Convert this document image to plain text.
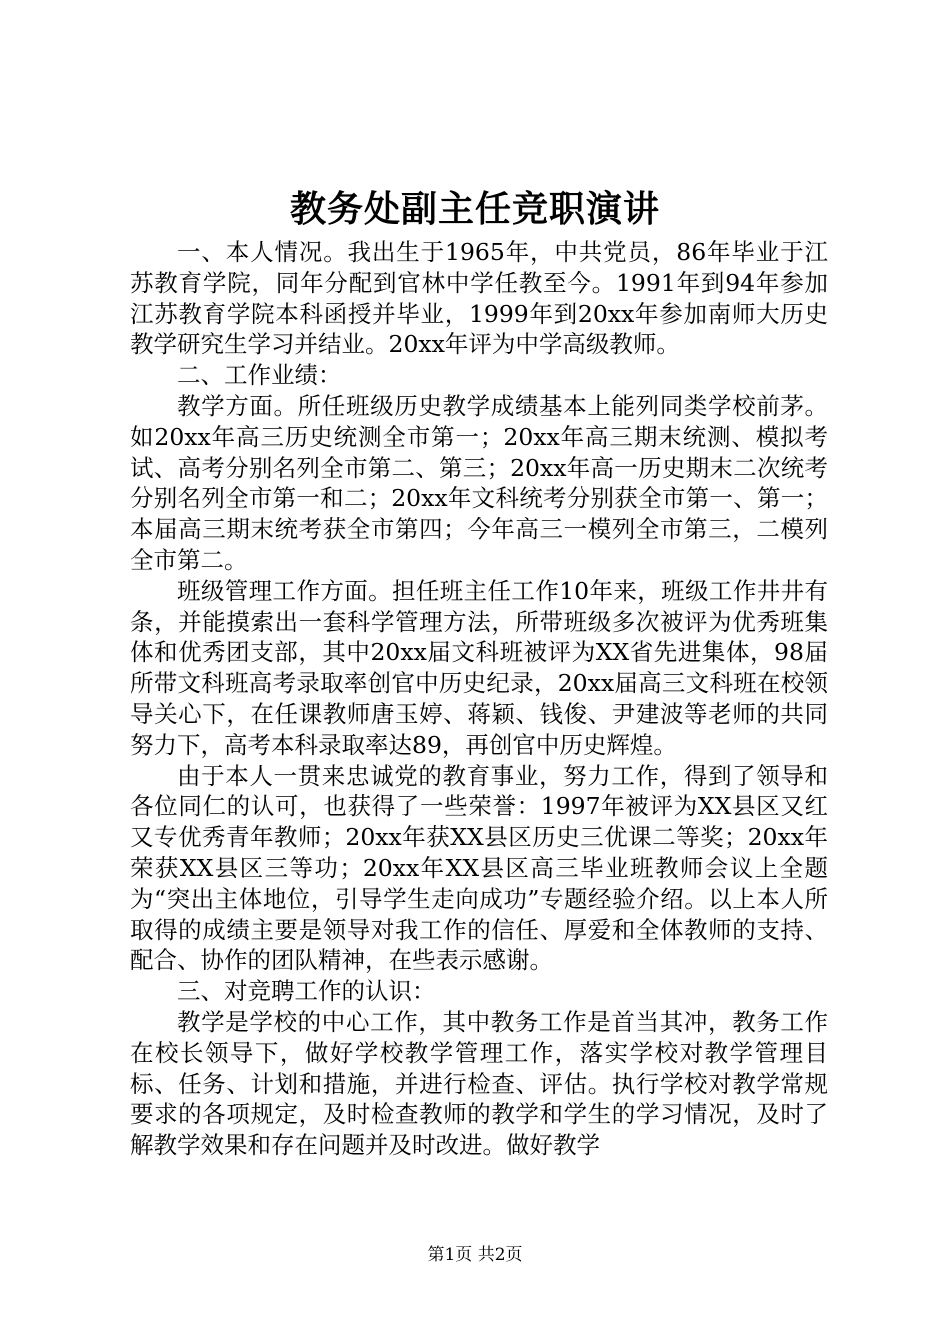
教务处副主任竞职演讲

一、本人情况。我出生于1965年，中共党员，86年毕业于江苏教育学院，同年分配到官林中学任教至今。1991年到94年参加江苏教育学院本科函授并毕业，1999年到20xx年参加南师大历史教学研究生学习并结业。20xx年评为中学高级教师。

二、工作业绩：

教学方面。所任班级历史教学成绩基本上能列同类学校前茅。如20xx年高三历史统测全市第一；20xx年高三期末统测、模拟考试、高考分别名列全市第二、第三；20xx年高一历史期末二次统考分别名列全市第一和二；20xx年文科统考分别获全市第一、第一；本届高三期末统考获全市第四；今年高三一模列全市第三，二模列全市第二。

班级管理工作方面。担任班主任工作10年来，班级工作井井有条，并能摸索出一套科学管理方法，所带班级多次被评为优秀班集体和优秀团支部，其中20xx届文科班被评为XX省先进集体，98届所带文科班高考录取率创官中历史纪录，20xx届高三文科班在校领导关心下，在任课教师唐玉婷、蒋颖、钱俊、尹建波等老师的共同努力下，高考本科录取率达89，再创官中历史辉煌。

由于本人一贯来忠诚党的教育事业，努力工作，得到了领导和各位同仁的认可，也获得了一些荣誉：1997年被评为XX县区又红又专优秀青年教师；20xx年获XX县区历史三优课二等奖；20xx年荣获XX县区三等功；20xx年XX县区高三毕业班教师会议上全题为“突出主体地位，引导学生走向成功”专题经验介绍。以上本人所取得的成绩主要是领导对我工作的信任、厚爱和全体教师的支持、配合、协作的团队精神，在些表示感谢。

三、对竞聘工作的认识：

教学是学校的中心工作，其中教务工作是首当其冲，教务工作在校长领导下，做好学校教学管理工作，落实学校对教学管理目标、任务、计划和措施，并进行检查、评估。执行学校对教学常规要求的各项规定，及时检查教师的教学和学生的学习情况，及时了解教学效果和存在问题并及时改进。做好教学

第1页 共2页
